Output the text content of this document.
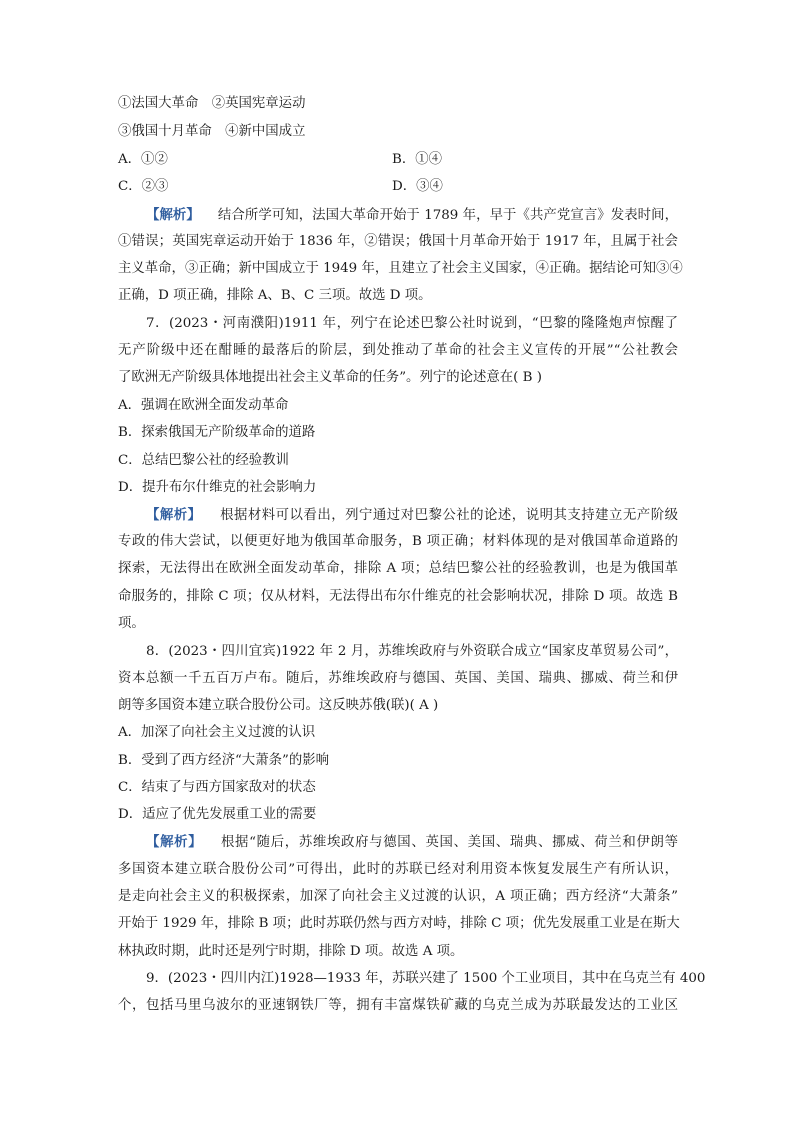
①法国大革命　②英国宪章运动
③俄国十月革命　④新中国成立
A．①②	B．①④
C．②③	D．③④
【解析】 结合所学可知，法国大革命开始于 1789 年，早于《共产党宣言》发表时间，
①错误；英国宪章运动开始于 1836 年，②错误；俄国十月革命开始于 1917 年，且属于社会
主义革命，③正确；新中国成立于 1949 年，且建立了社会主义国家，④正确。据结论可知③④
正确，D 项正确，排除 A、B、C 三项。故选 D 项。
7．(2023・河南濮阳)1911 年，列宁在论述巴黎公社时说到，“巴黎的隆隆炮声惊醒了
无产阶级中还在酣睡的最落后的阶层，到处推动了革命的社会主义宣传的开展”“公社教会
了欧洲无产阶级具体地提出社会主义革命的任务”。列宁的论述意在( B )
A．强调在欧洲全面发动革命
B．探索俄国无产阶级革命的道路
C．总结巴黎公社的经验教训
D．提升布尔什维克的社会影响力
【解析】 根据材料可以看出，列宁通过对巴黎公社的论述，说明其支持建立无产阶级
专政的伟大尝试，以便更好地为俄国革命服务，B 项正确；材料体现的是对俄国革命道路的
探索，无法得出在欧洲全面发动革命，排除 A 项；总结巴黎公社的经验教训，也是为俄国革
命服务的，排除 C 项；仅从材料，无法得出布尔什维克的社会影响状况，排除 D 项。故选 B
项。
8．(2023・四川宜宾)1922 年 2 月，苏维埃政府与外资联合成立“国家皮革贸易公司”，
资本总额一千五百万卢布。随后，苏维埃政府与德国、英国、美国、瑞典、挪威、荷兰和伊
朗等多国资本建立联合股份公司。这反映苏俄(联)( A )
A．加深了向社会主义过渡的认识
B．受到了西方经济“大萧条”的影响
C．结束了与西方国家敌对的状态
D．适应了优先发展重工业的需要
【解析】 根据“随后，苏维埃政府与德国、英国、美国、瑞典、挪威、荷兰和伊朗等
多国资本建立联合股份公司”可得出，此时的苏联已经对利用资本恢复发展生产有所认识，
是走向社会主义的积极探索，加深了向社会主义过渡的认识，A 项正确；西方经济“大萧条”
开始于 1929 年，排除 B 项；此时苏联仍然与西方对峙，排除 C 项；优先发展重工业是在斯大
林执政时期，此时还是列宁时期，排除 D 项。故选 A 项。
9．(2023・四川内江)1928—1933 年，苏联兴建了 1500 个工业项目，其中在乌克兰有 400
个，包括马里乌波尔的亚速钢铁厂等，拥有丰富煤铁矿藏的乌克兰成为苏联最发达的工业区
